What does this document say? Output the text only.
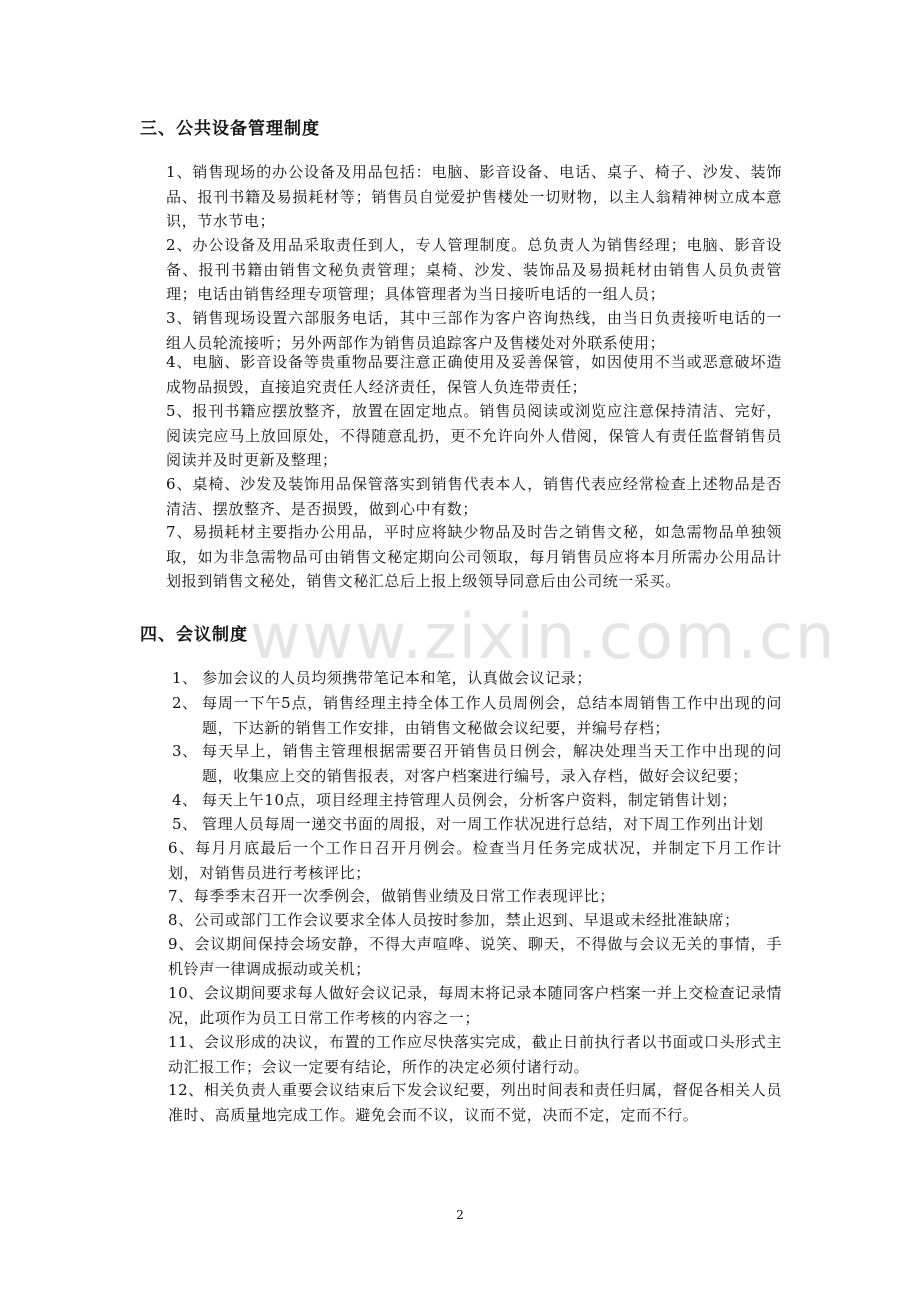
www.zixin.com.cn
三、公共设备管理制度
1、销售现场的办公设备及用品包括：电脑、影音设备、电话、桌子、椅子、沙发、装饰品、报刊书籍及易损耗材等；销售员自觉爱护售楼处一切财物，以主人翁精神树立成本意识，节水节电；
2、办公设备及用品采取责任到人，专人管理制度。总负责人为销售经理；电脑、影音设备、报刊书籍由销售文秘负责管理；桌椅、沙发、装饰品及易损耗材由销售人员负责管理；电话由销售经理专项管理；具体管理者为当日接听电话的一组人员；
3、销售现场设置六部服务电话，其中三部作为客户咨询热线，由当日负责接听电话的一组人员轮流接听；另外两部作为销售员追踪客户及售楼处对外联系使用；
4、电脑、影音设备等贵重物品要注意正确使用及妥善保管，如因使用不当或恶意破坏造成物品损毁，直接追究责任人经济责任，保管人负连带责任；
5、报刊书籍应摆放整齐，放置在固定地点。销售员阅读或浏览应注意保持清洁、完好，阅读完应马上放回原处，不得随意乱扔，更不允许向外人借阅，保管人有责任监督销售员阅读并及时更新及整理；
6、桌椅、沙发及装饰用品保管落实到销售代表本人，销售代表应经常检查上述物品是否清洁、摆放整齐、是否损毁，做到心中有数；
7、易损耗材主要指办公用品，平时应将缺少物品及时告之销售文秘，如急需物品单独领取，如为非急需物品可由销售文秘定期向公司领取，每月销售员应将本月所需办公用品计划报到销售文秘处，销售文秘汇总后上报上级领导同意后由公司统一采买。
四、会议制度
1、 参加会议的人员均须携带笔记本和笔，认真做会议记录；
2、 每周一下午5点，销售经理主持全体工作人员周例会，总结本周销售工作中出现的问题，下达新的销售工作安排，由销售文秘做会议纪要，并编号存档；
3、 每天早上，销售主管理根据需要召开销售员日例会，解决处理当天工作中出现的问题，收集应上交的销售报表，对客户档案进行编号，录入存档，做好会议纪要；
4、 每天上午10点，项目经理主持管理人员例会，分析客户资料，制定销售计划；
5、 管理人员每周一递交书面的周报，对一周工作状况进行总结，对下周工作列出计划
6、每月月底最后一个工作日召开月例会。检查当月任务完成状况，并制定下月工作计划，对销售员进行考核评比；
7、每季季末召开一次季例会，做销售业绩及日常工作表现评比；
8、公司或部门工作会议要求全体人员按时参加，禁止迟到、早退或未经批准缺席；
9、会议期间保持会场安静，不得大声喧哗、说笑、聊天，不得做与会议无关的事情，手机铃声一律调成振动或关机；
10、会议期间要求每人做好会议记录，每周末将记录本随同客户档案一并上交检查记录情况，此项作为员工日常工作考核的内容之一；
11、会议形成的决议，布置的工作应尽快落实完成，截止日前执行者以书面或口头形式主动汇报工作；会议一定要有结论，所作的决定必须付诸行动。
12、相关负责人重要会议结束后下发会议纪要，列出时间表和责任归属，督促各相关人员准时、高质量地完成工作。避免会而不议，议而不觉，决而不定，定而不行。
2
